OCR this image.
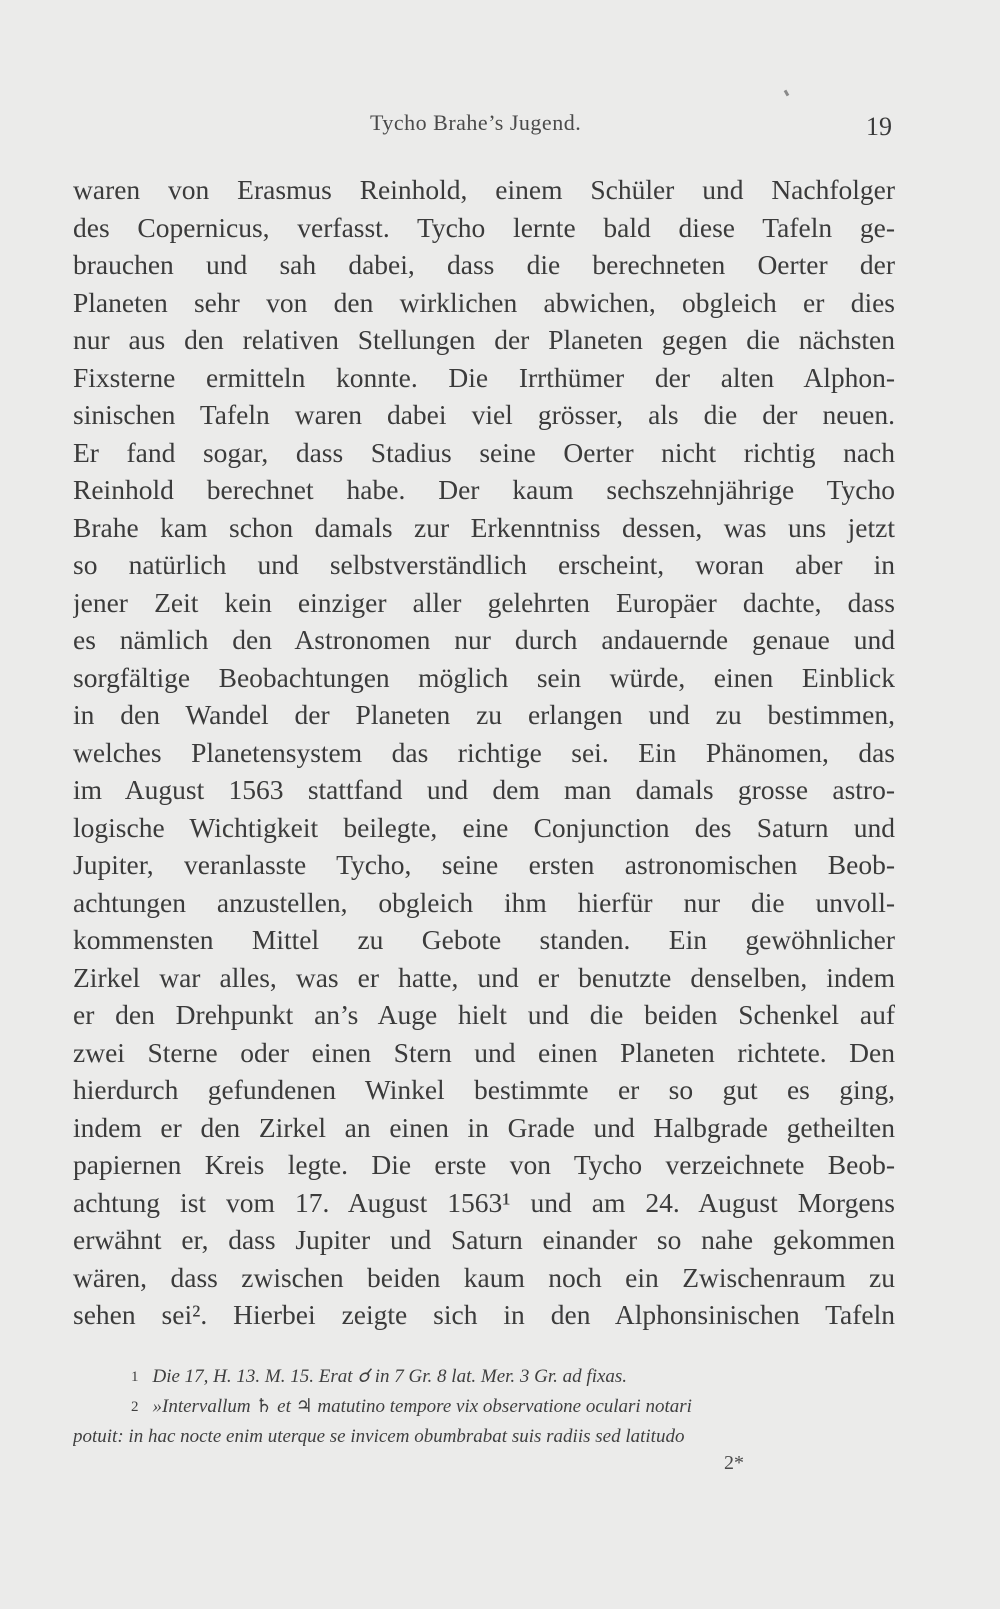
Tycho Brahe’s Jugend.	19
waren von Erasmus Reinhold, einem Schüler und Nachfolger
des Copernicus, verfasst. Tycho lernte bald diese Tafeln ge-
brauchen und sah dabei, dass die berechneten Oerter der
Planeten sehr von den wirklichen abwichen, obgleich er dies
nur aus den relativen Stellungen der Planeten gegen die nächsten
Fixsterne ermitteln konnte. Die Irrthümer der alten Alphon-
sinischen Tafeln waren dabei viel grösser, als die der neuen.
Er fand sogar, dass Stadius seine Oerter nicht richtig nach
Reinhold berechnet habe. Der kaum sechszehnjährige Tycho
Brahe kam schon damals zur Erkenntniss dessen, was uns jetzt
so natürlich und selbstverständlich erscheint, woran aber in
jener Zeit kein einziger aller gelehrten Europäer dachte, dass
es nämlich den Astronomen nur durch andauernde genaue und
sorgfältige Beobachtungen möglich sein würde, einen Einblick
in den Wandel der Planeten zu erlangen und zu bestimmen,
welches Planetensystem das richtige sei. Ein Phänomen, das
im August 1563 stattfand und dem man damals grosse astro-
logische Wichtigkeit beilegte, eine Conjunction des Saturn und
Jupiter, veranlasste Tycho, seine ersten astronomischen Beob-
achtungen anzustellen, obgleich ihm hierfür nur die unvoll-
kommensten Mittel zu Gebote standen. Ein gewöhnlicher
Zirkel war alles, was er hatte, und er benutzte denselben, indem
er den Drehpunkt an’s Auge hielt und die beiden Schenkel auf
zwei Sterne oder einen Stern und einen Planeten richtete. Den
hierdurch gefundenen Winkel bestimmte er so gut es ging,
indem er den Zirkel an einen in Grade und Halbgrade getheilten
papiernen Kreis legte. Die erste von Tycho verzeichnete Beob-
achtung ist vom 17. August 1563¹ und am 24. August Morgens
erwähnt er, dass Jupiter und Saturn einander so nahe gekommen
wären, dass zwischen beiden kaum noch ein Zwischenraum zu
sehen sei². Hierbei zeigte sich in den Alphonsinischen Tafeln
$^1$ Die 17, H. 13. M. 15. Erat ☌ in 7 Gr. 8 lat. Mer. 3 Gr. ad fixas.
$^2$ »Intervallum ♄ et ♃ matutino tempore vix observatione oculari notari
potuit: in hac nocte enim uterque se invicem obumbrabat suis radiis sed latitudo
2*
